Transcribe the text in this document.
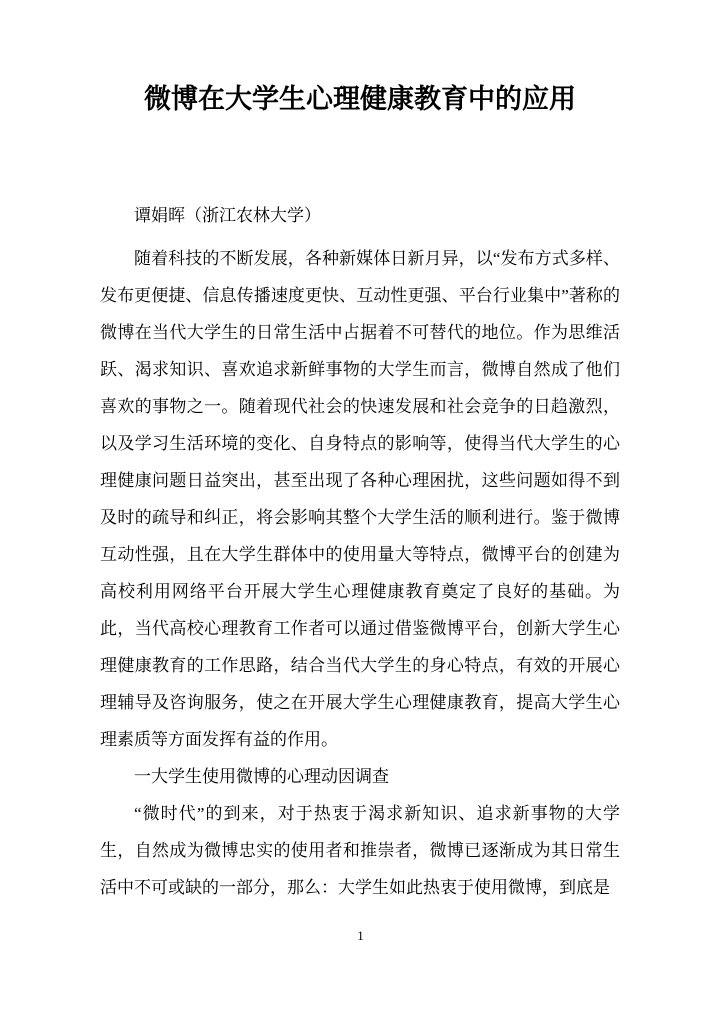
微博在大学生心理健康教育中的应用

谭娟晖（浙江农林大学）

随着科技的不断发展，各种新媒体日新月异，以“发布方式多样、发布更便捷、信息传播速度更快、互动性更强、平台行业集中”著称的微博在当代大学生的日常生活中占据着不可替代的地位。作为思维活跃、渴求知识、喜欢追求新鲜事物的大学生而言，微博自然成了他们喜欢的事物之一。随着现代社会的快速发展和社会竞争的日趋激烈，以及学习生活环境的变化、自身特点的影响等，使得当代大学生的心理健康问题日益突出，甚至出现了各种心理困扰，这些问题如得不到及时的疏导和纠正，将会影响其整个大学生活的顺利进行。鉴于微博互动性强，且在大学生群体中的使用量大等特点，微博平台的创建为高校利用网络平台开展大学生心理健康教育奠定了良好的基础。为此，当代高校心理教育工作者可以通过借鉴微博平台，创新大学生心理健康教育的工作思路，结合当代大学生的身心特点，有效的开展心理辅导及咨询服务，使之在开展大学生心理健康教育，提高大学生心理素质等方面发挥有益的作用。

一大学生使用微博的心理动因调查

“微时代”的到来，对于热衷于渴求新知识、追求新事物的大学生，自然成为微博忠实的使用者和推崇者，微博已逐渐成为其日常生活中不可或缺的一部分，那么：大学生如此热衷于使用微博，到底是

1
